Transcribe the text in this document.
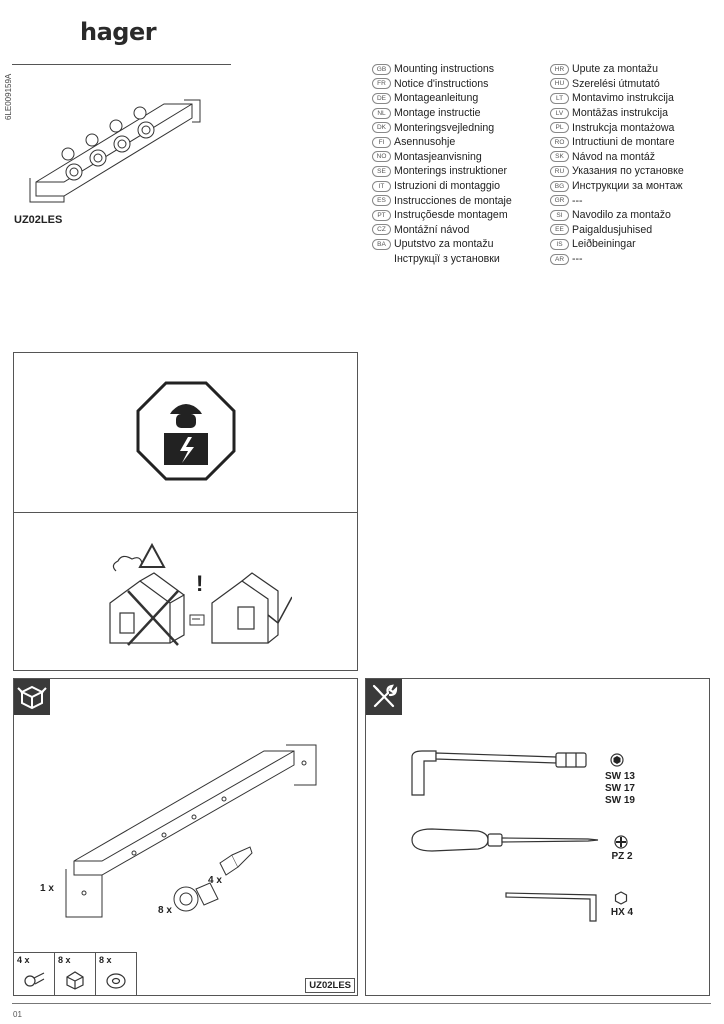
hager
6LE009159A
UZ02LES
GB Mounting instructions
FR Notice d'instructions
DE Montageanleitung
NL Montage instructie
DK Monteringsvejledning
FI Asennusohje
NO Montasjeanvisning
SE Monterings instruktioner
IT Istruzioni di montaggio
ES Instrucciones de montaje
PT Instruçõesde montagem
CZ Montážní návod
BA Uputstvo za montažu
Інструкції з установки
HR Upute za montažu
HU Szerelési útmutató
LT Montavimo instrukcija
LV Montāžas instrukcija
PL Instrukcja montażowa
RO Intructiuni de montare
SK Návod na montáž
RU Указания по установке
BG Инструкции за монтаж
GR ---
SI Navodilo za montažo
EE Paigaldusjuhised
IS Leiðbeiningar
AR ---
!
1 x
4 x
8 x
4 x	8 x	8 x
UZ02LES
SW 13
SW 17
SW 19
PZ 2
HX 4
01
